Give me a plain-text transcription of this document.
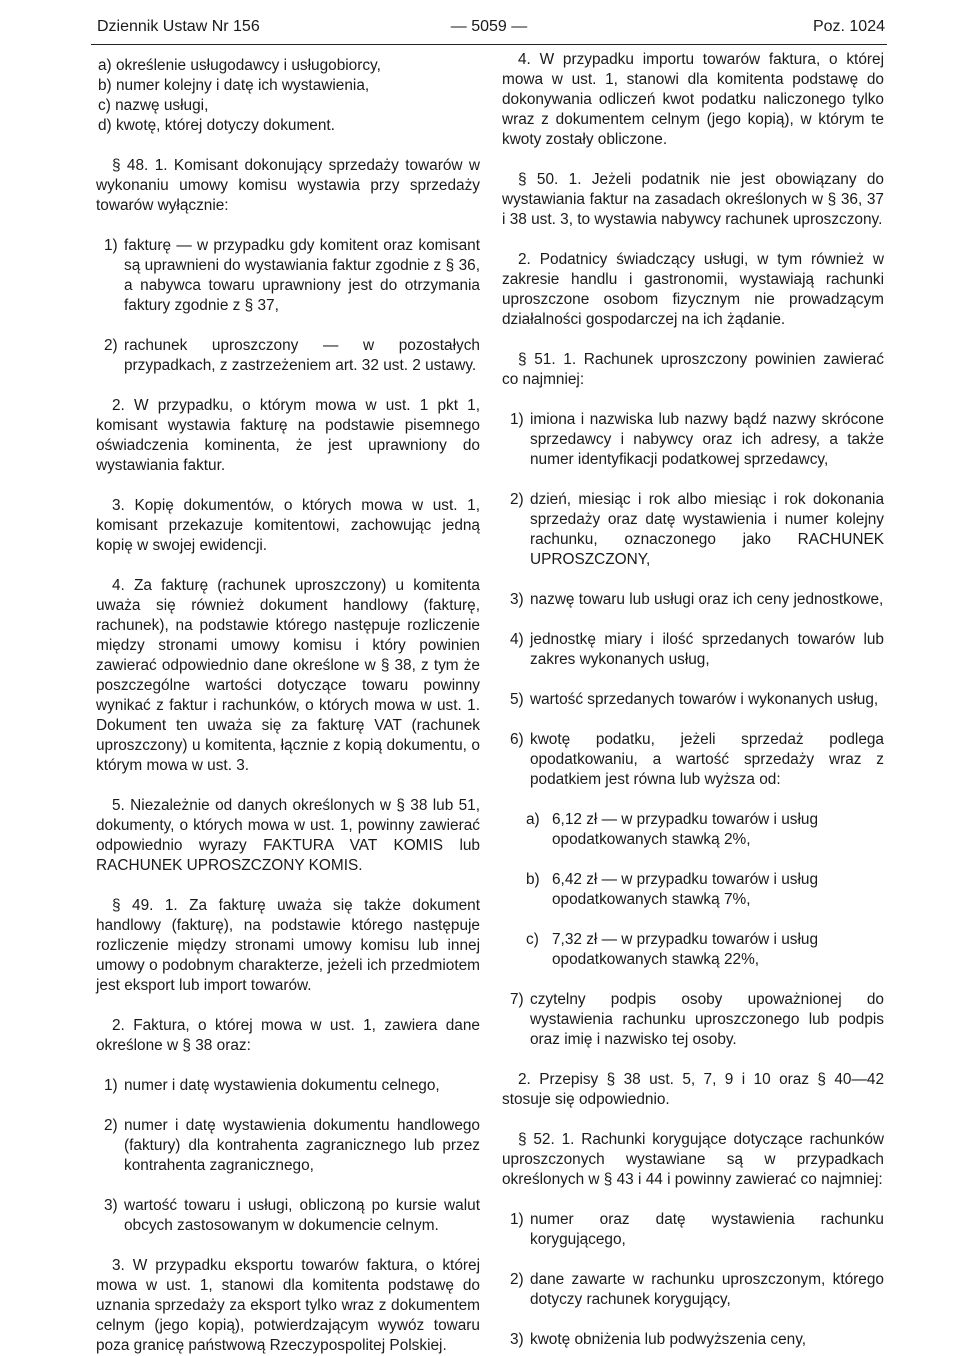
Dziennik Ustaw Nr 156	— 5059 —	Poz. 1024
a) określenie usługodawcy i usługobiorcy,
b) numer kolejny i datę ich wystawienia,
c) nazwę usługi,
d) kwotę, której dotyczy dokument.

§ 48. 1. Komisant dokonujący sprzedaży towarów w wykonaniu umowy komisu wystawia przy sprzedaży towarów wyłącznie:

1) fakturę — w przypadku gdy komitent oraz komisant są uprawnieni do wystawiania faktur zgodnie z § 36, a nabywca towaru uprawniony jest do otrzymania faktury zgodnie z § 37,
2) rachunek uproszczony — w pozostałych przypadkach, z zastrzeżeniem art. 32 ust. 2 ustawy.

2. W przypadku, o którym mowa w ust. 1 pkt 1, komisant wystawia fakturę na podstawie pisemnego oświadczenia kominenta, że jest uprawniony do wystawiania faktur.

3. Kopię dokumentów, o których mowa w ust. 1, komisant przekazuje komitentowi, zachowując jedną kopię w swojej ewidencji.

4. Za fakturę (rachunek uproszczony) u komitenta uważa się również dokument handlowy (fakturę, rachunek), na podstawie którego następuje rozliczenie między stronami umowy komisu i który powinien zawierać odpowiednio dane określone w § 38, z tym że poszczególne wartości dotyczące towaru powinny wynikać z faktur i rachunków, o których mowa w ust. 1. Dokument ten uważa się za fakturę VAT (rachunek uproszczony) u komitenta, łącznie z kopią dokumentu, o którym mowa w ust. 3.

5. Niezależnie od danych określonych w § 38 lub 51, dokumenty, o których mowa w ust. 1, powinny zawierać odpowiednio wyrazy FAKTURA VAT KOMIS lub RACHUNEK UPROSZCZONY KOMIS.

§ 49. 1. Za fakturę uważa się także dokument handlowy (fakturę), na podstawie którego następuje rozliczenie między stronami umowy komisu lub innej umowy o podobnym charakterze, jeżeli ich przedmiotem jest eksport lub import towarów.

2. Faktura, o której mowa w ust. 1, zawiera dane określone w § 38 oraz:

1) numer i datę wystawienia dokumentu celnego,
2) numer i datę wystawienia dokumentu handlowego (faktury) dla kontrahenta zagranicznego lub przez kontrahenta zagranicznego,
3) wartość towaru i usługi, obliczoną po kursie walut obcych zastosowanym w dokumencie celnym.

3. W przypadku eksportu towarów faktura, o której mowa w ust. 1, stanowi dla komitenta podstawę do uznania sprzedaży za eksport tylko wraz z dokumentem celnym (jego kopią), potwierdzającym wywóz towaru poza granicę państwową Rzeczypospolitej Polskiej.

4. W przypadku importu towarów faktura, o której mowa w ust. 1, stanowi dla komitenta podstawę do dokonywania odliczeń kwot podatku naliczonego tylko wraz z dokumentem celnym (jego kopią), w którym te kwoty zostały obliczone.

§ 50. 1. Jeżeli podatnik nie jest obowiązany do wystawiania faktur na zasadach określonych w § 36, 37 i 38 ust. 3, to wystawia nabywcy rachunek uproszczony.

2. Podatnicy świadczący usługi, w tym również w zakresie handlu i gastronomii, wystawiają rachunki uproszczone osobom fizycznym nie prowadzącym działalności gospodarczej na ich żądanie.

§ 51. 1. Rachunek uproszczony powinien zawierać co najmniej:

1) imiona i nazwiska lub nazwy bądź nazwy skrócone sprzedawcy i nabywcy oraz ich adresy, a także numer identyfikacji podatkowej sprzedawcy,
2) dzień, miesiąc i rok albo miesiąc i rok dokonania sprzedaży oraz datę wystawienia i numer kolejny rachunku, oznaczonego jako RACHUNEK UPROSZCZONY,
3) nazwę towaru lub usługi oraz ich ceny jednostkowe,
4) jednostkę miary i ilość sprzedanych towarów lub zakres wykonanych usług,
5) wartość sprzedanych towarów i wykonanych usług,
6) kwotę podatku, jeżeli sprzedaż podlega opodatkowaniu, a wartość sprzedaży wraz z podatkiem jest równa lub wyższa od:
a) 6,12 zł — w przypadku towarów i usług opodatkowanych stawką 2%,
b) 6,42 zł — w przypadku towarów i usług opodatkowanych stawką 7%,
c) 7,32 zł — w przypadku towarów i usług opodatkowanych stawką 22%,
7) czytelny podpis osoby upoważnionej do wystawienia rachunku uproszczonego lub podpis oraz imię i nazwisko tej osoby.

2. Przepisy § 38 ust. 5, 7, 9 i 10 oraz § 40—42 stosuje się odpowiednio.

§ 52. 1. Rachunki korygujące dotyczące rachunków uproszczonych wystawiane są w przypadkach określonych w § 43 i 44 i powinny zawierać co najmniej:

1) numer oraz datę wystawienia rachunku korygującego,
2) dane zawarte w rachunku uproszczonym, którego dotyczy rachunek korygujący,
3) kwotę obniżenia lub podwyższenia ceny,
